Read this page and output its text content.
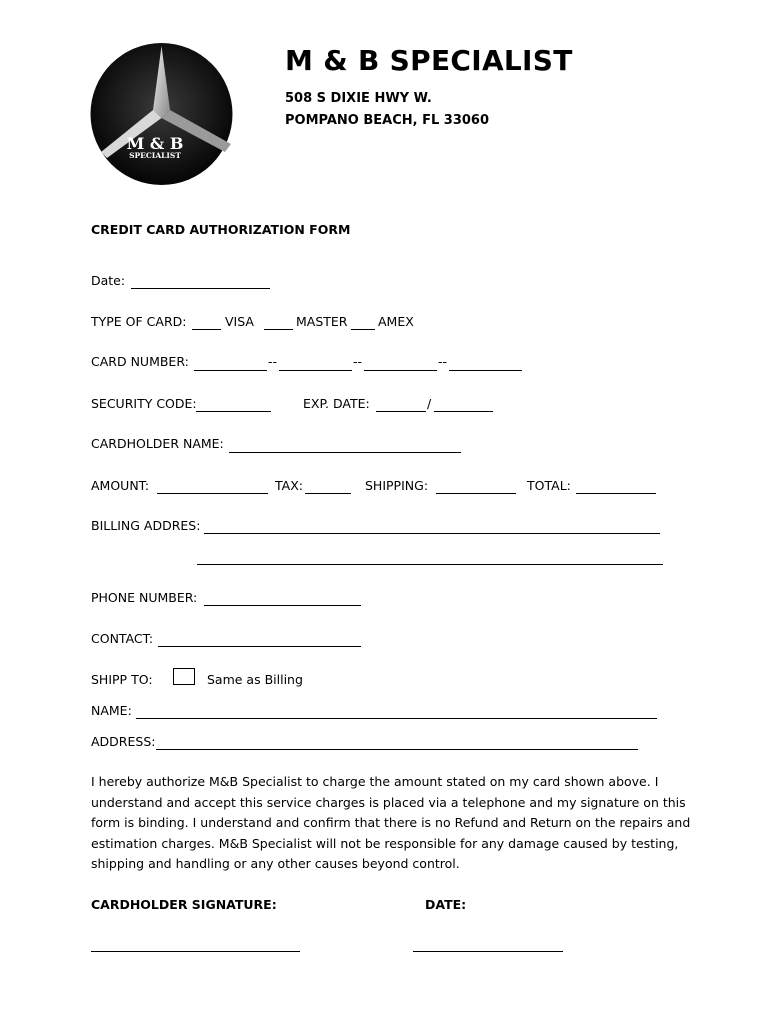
M & B
SPECIALIST
M & B SPECIALIST
508 S DIXIE HWY W.
POMPANO BEACH, FL 33060
CREDIT CARD AUTHORIZATION FORM
Date:
TYPE OF CARD:	VISA	MASTER AMEX
CARD NUMBER:	--	--	--
SECURITY CODE:	EXP. DATE:	/
CARDHOLDER NAME:
AMOUNT:	TAX:	SHIPPING:	TOTAL:
BILLING ADDRES:
PHONE NUMBER:
CONTACT:
SHIPP TO:	Same as Billing
NAME:
ADDRESS:
I hereby authorize M&B Specialist to charge the amount stated on my card shown above. I understand and accept this service charges is placed via a telephone and my signature on this form is binding. I understand and confirm that there is no Refund and Return on the repairs and estimation charges. M&B Specialist will not be responsible for any damage caused by testing, shipping and handling or any other causes beyond control.
CARDHOLDER SIGNATURE:	DATE:
